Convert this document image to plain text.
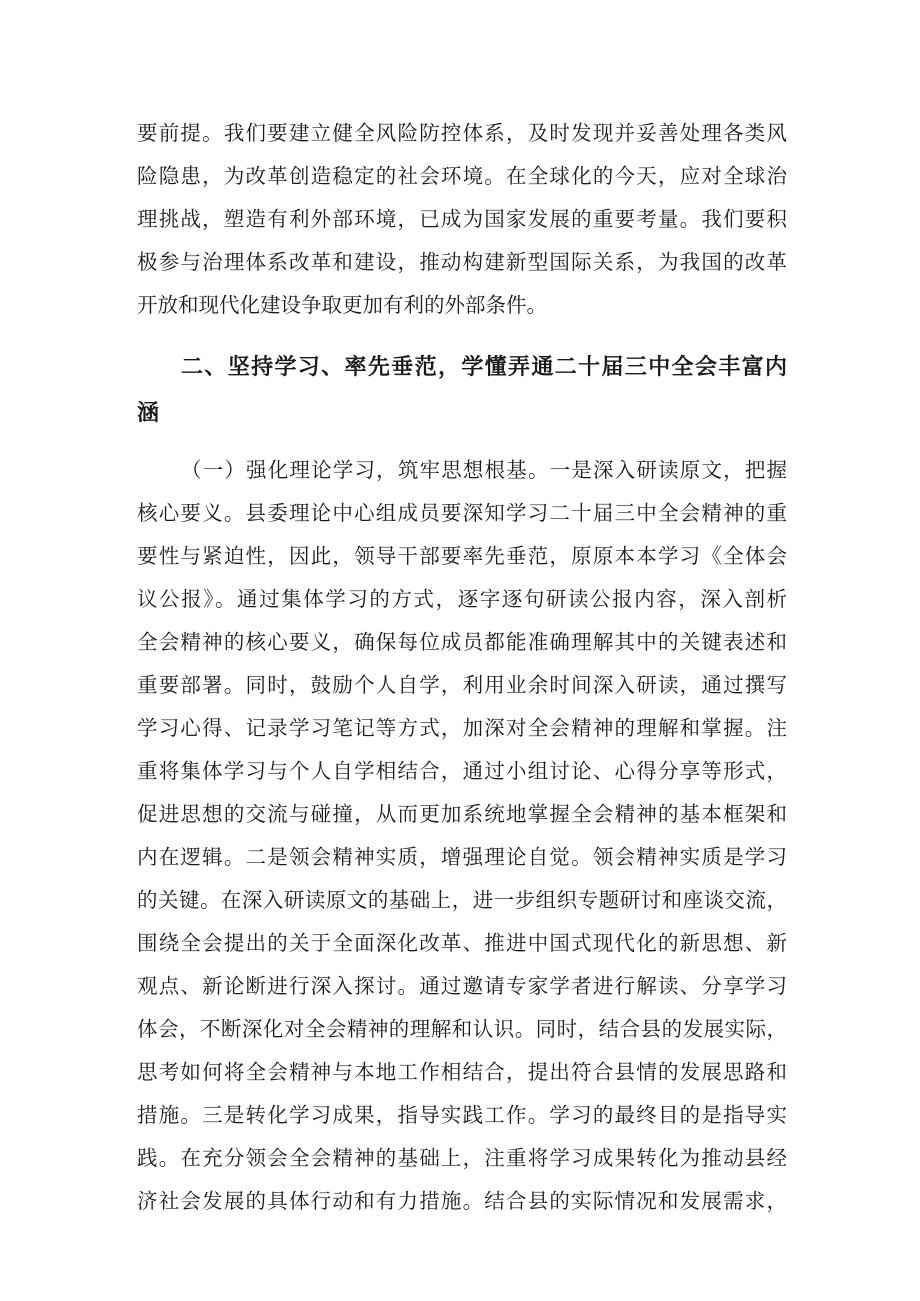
要前提。我们要建立健全风险防控体系，及时发现并妥善处理各类风
险隐患，为改革创造稳定的社会环境。在全球化的今天，应对全球治
理挑战，塑造有利外部环境，已成为国家发展的重要考量。我们要积
极参与治理体系改革和建设，推动构建新型国际关系，为我国的改革
开放和现代化建设争取更加有利的外部条件。
二、坚持学习、率先垂范，学懂弄通二十届三中全会丰富内
涵
（一）强化理论学习，筑牢思想根基。一是深入研读原文，把握
核心要义。县委理论中心组成员要深知学习二十届三中全会精神的重
要性与紧迫性，因此，领导干部要率先垂范，原原本本学习《全体会
议公报》。通过集体学习的方式，逐字逐句研读公报内容，深入剖析
全会精神的核心要义，确保每位成员都能准确理解其中的关键表述和
重要部署。同时，鼓励个人自学，利用业余时间深入研读，通过撰写
学习心得、记录学习笔记等方式，加深对全会精神的理解和掌握。注
重将集体学习与个人自学相结合，通过小组讨论、心得分享等形式，
促进思想的交流与碰撞，从而更加系统地掌握全会精神的基本框架和
内在逻辑。二是领会精神实质，增强理论自觉。领会精神实质是学习
的关键。在深入研读原文的基础上，进一步组织专题研讨和座谈交流，
围绕全会提出的关于全面深化改革、推进中国式现代化的新思想、新
观点、新论断进行深入探讨。通过邀请专家学者进行解读、分享学习
体会，不断深化对全会精神的理解和认识。同时，结合县的发展实际，
思考如何将全会精神与本地工作相结合，提出符合县情的发展思路和
措施。三是转化学习成果，指导实践工作。学习的最终目的是指导实
践。在充分领会全会精神的基础上，注重将学习成果转化为推动县经
济社会发展的具体行动和有力措施。结合县的实际情况和发展需求，
